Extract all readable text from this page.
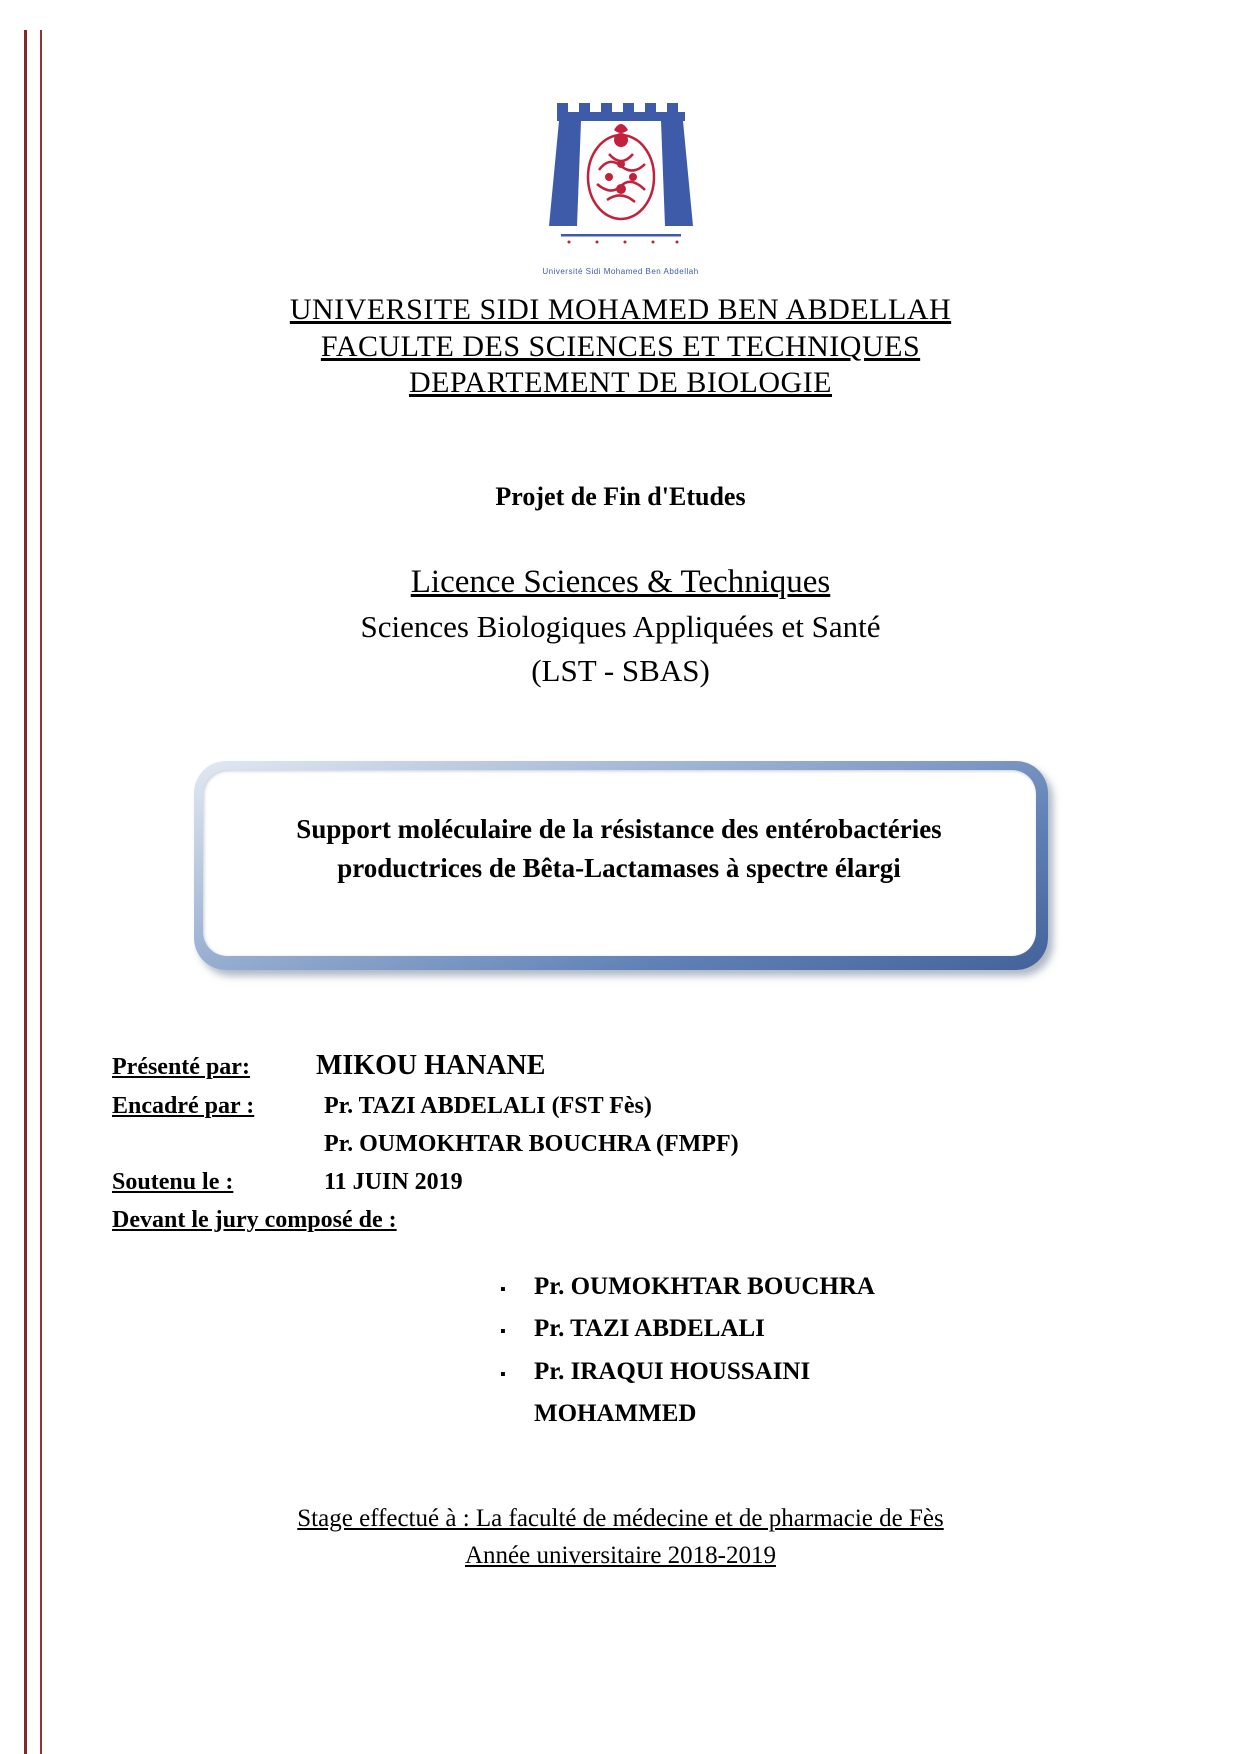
Université Sidi Mohamed Ben Abdellah
UNIVERSITE SIDI MOHAMED BEN ABDELLAH
FACULTE DES SCIENCES ET TECHNIQUES
DEPARTEMENT DE BIOLOGIE
Projet de Fin d'Etudes
Licence Sciences & Techniques
Sciences Biologiques Appliquées et Santé
(LST - SBAS)
Support moléculaire de la résistance des entérobactéries
productrices de Bêta-Lactamases à spectre élargi
Présenté par:	MIKOU HANANE
Encadré par :	Pr. TAZI ABDELALI (FST Fès)
Pr. OUMOKHTAR BOUCHRA (FMPF)
Soutenu le :	11 JUIN 2019
Devant le jury composé de :
▪	Pr. OUMOKHTAR BOUCHRA
▪	Pr. TAZI ABDELALI
▪	Pr. IRAQUI HOUSSAINI
MOHAMMED
Stage effectué à : La faculté de médecine et de pharmacie de Fès
Année universitaire 2018-2019
